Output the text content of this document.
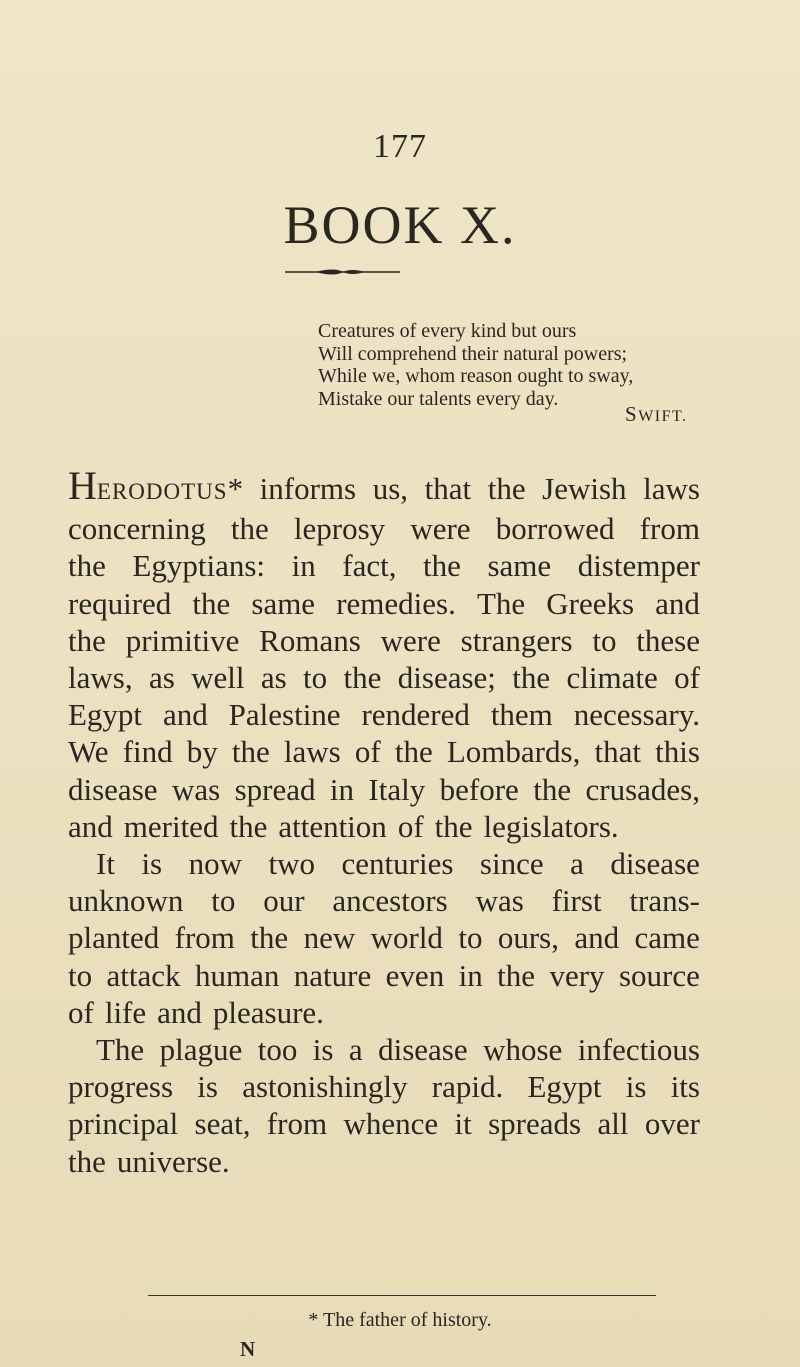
177
BOOK X.
Creatures of every kind but ours
Will comprehend their natural powers;
While we, whom reason ought to sway,
Mistake our talents every day.
SWIFT.
HERODOTUS* informs us, that the Jewish laws
concerning the leprosy were borrowed from
the Egyptians: in fact, the same distemper
required the same remedies. The Greeks and
the primitive Romans were strangers to these
laws, as well as to the disease; the climate of
Egypt and Palestine rendered them necessary.
We find by the laws of the Lombards, that this
disease was spread in Italy before the crusades,
and merited the attention of the legislators.
It is now two centuries since a disease
unknown to our ancestors was first trans-
planted from the new world to ours, and came
to attack human nature even in the very source
of life and pleasure.
The plague too is a disease whose infectious
progress is astonishingly rapid. Egypt is its
principal seat, from whence it spreads all over
the universe.
* The father of history.
N
